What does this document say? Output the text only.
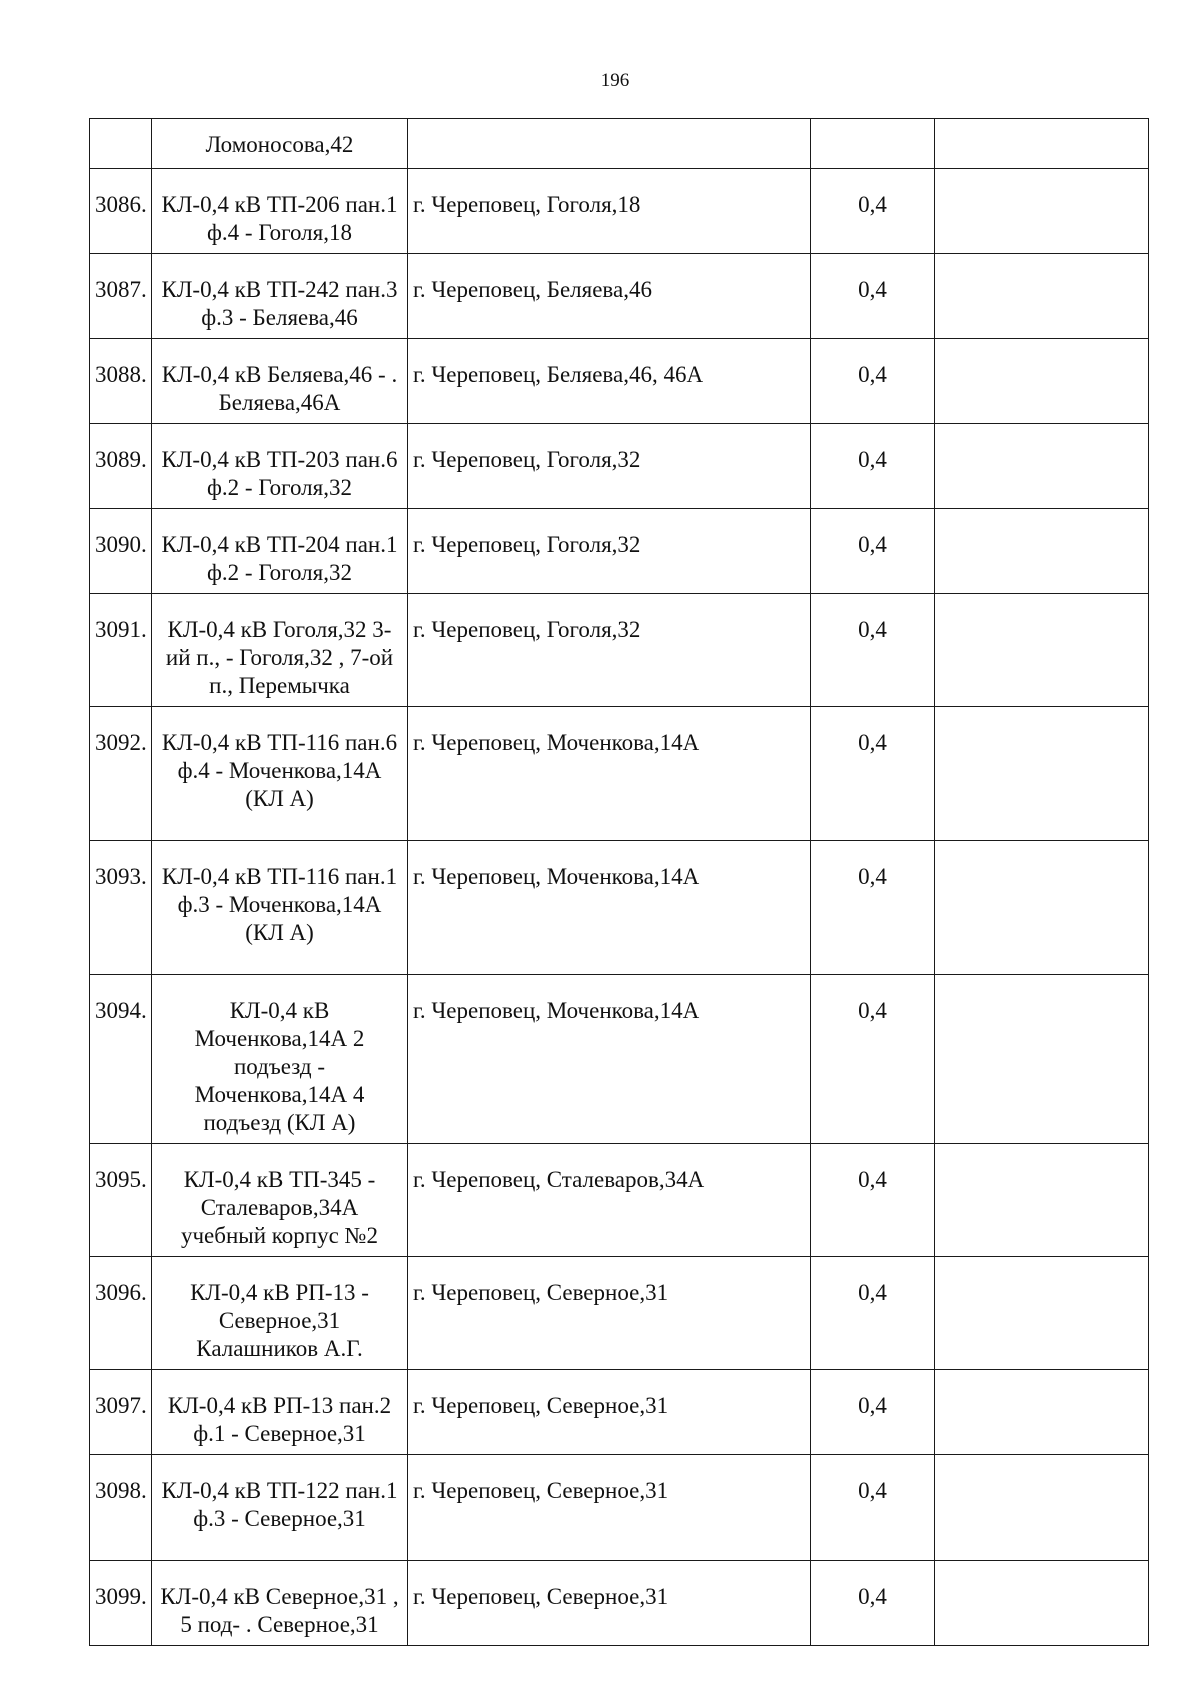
196
	Ломоносова,42			
3086.	КЛ-0,4 кВ ТП-206 пан.1 ф.4 - Гоголя,18	г. Череповец, Гоголя,18	0,4	
3087.	КЛ-0,4 кВ ТП-242 пан.3 ф.3 - Беляева,46	г. Череповец, Беляева,46	0,4	
3088.	КЛ-0,4 кВ Беляева,46 - . Беляева,46А	г. Череповец, Беляева,46, 46А	0,4	
3089.	КЛ-0,4 кВ ТП-203 пан.6 ф.2 - Гоголя,32	г. Череповец, Гоголя,32	0,4	
3090.	КЛ-0,4 кВ ТП-204 пан.1 ф.2 - Гоголя,32	г. Череповец, Гоголя,32	0,4	
3091.	КЛ-0,4 кВ Гоголя,32 3-ий п., - Гоголя,32 , 7-ой п., Перемычка	г. Череповец, Гоголя,32	0,4	
3092.	КЛ-0,4 кВ ТП-116 пан.6 ф.4 - Моченкова,14А (КЛ А)	г. Череповец, Моченкова,14А	0,4	
3093.	КЛ-0,4 кВ ТП-116 пан.1 ф.3 - Моченкова,14А (КЛ А)	г. Череповец, Моченкова,14А	0,4	
3094.	КЛ-0,4 кВ Моченкова,14А 2 подъезд - Моченкова,14А 4 подъезд (КЛ А)	г. Череповец, Моченкова,14А	0,4	
3095.	КЛ-0,4 кВ ТП-345 - Сталеваров,34А учебный корпус №2	г. Череповец, Сталеваров,34А	0,4	
3096.	КЛ-0,4 кВ РП-13 - Северное,31 Калашников А.Г.	г. Череповец, Северное,31	0,4	
3097.	КЛ-0,4 кВ РП-13 пан.2 ф.1 - Северное,31	г. Череповец, Северное,31	0,4	
3098.	КЛ-0,4 кВ ТП-122 пан.1 ф.3 - Северное,31	г. Череповец, Северное,31	0,4	
3099.	КЛ-0,4 кВ Северное,31 , 5 под- . Северное,31	г. Череповец, Северное,31	0,4	
